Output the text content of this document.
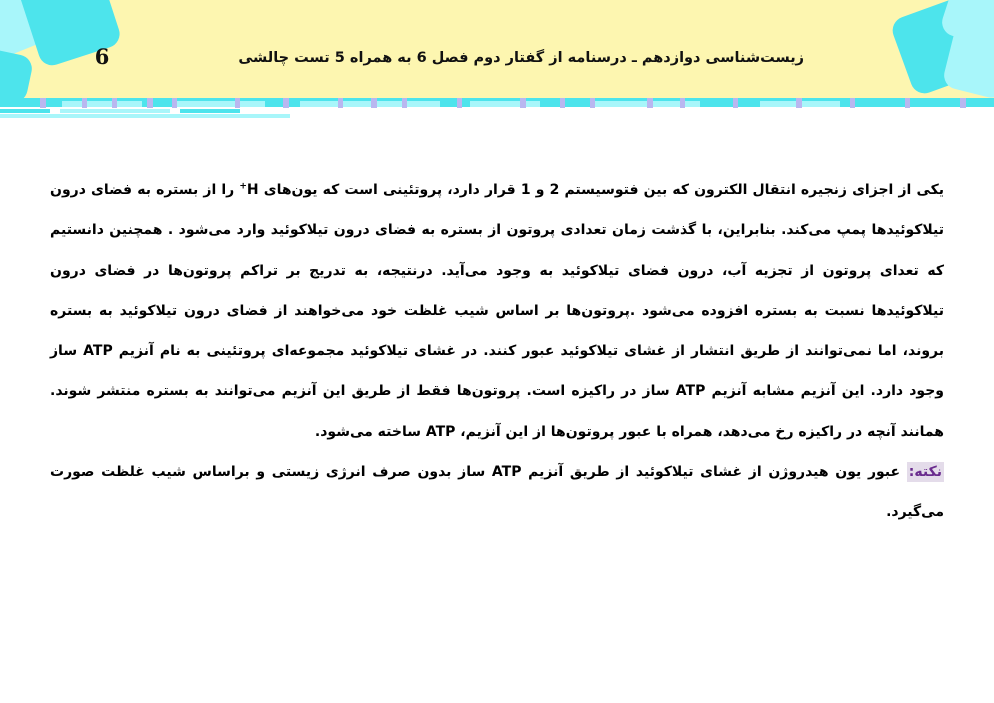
6	زیست‌شناسی دوازدهم ـ درسنامه از گفتار دوم فصل 6 به همراه 5 تست چالشی

یکی از اجزای زنجیره انتقال الکترون که بین فتوسیستم 2 و 1 قرار دارد، پروتئینی است که یون‌های H+ را از بستره به فضای درون تیلاکوئیدها پمپ می‌کند. بنابراین، با گذشت زمان تعدادی پروتون از بستره به فضای درون تیلاکوئید وارد می‌شود . همچنین دانستیم که تعدای پروتون از تجزیه آب، درون فضای تیلاکوئید به وجود می‌آید. درنتیجه، به تدریج بر تراکم پروتون‌ها در فضای درون تیلاکوئیدها نسبت به بستره افزوده می‌شود .پروتون‌ها بر اساس شیب غلظت خود می‌خواهند از فضای درون تیلاکوئید به بستره بروند، اما نمی‌توانند از طریق انتشار از غشای تیلاکوئید عبور کنند. در غشای تیلاکوئید مجموعه‌ای پروتئینی به نام آنزیم ATP ساز وجود دارد. این آنزیم مشابه آنزیم ATP ساز در راکیزه است. پروتون‌ها فقط از طریق این آنزیم می‌توانند به بستره منتشر شوند. همانند آنچه در راکیزه رخ می‌دهد، همراه با عبور پروتون‌ها از این آنزیم، ATP ساخته می‌شود.

نکته: عبور یون هیدروژن از غشای تیلاکوئید از طریق آنزیم ATP ساز بدون صرف انرژی زیستی و براساس شیب غلظت صورت می‌گیرد.
